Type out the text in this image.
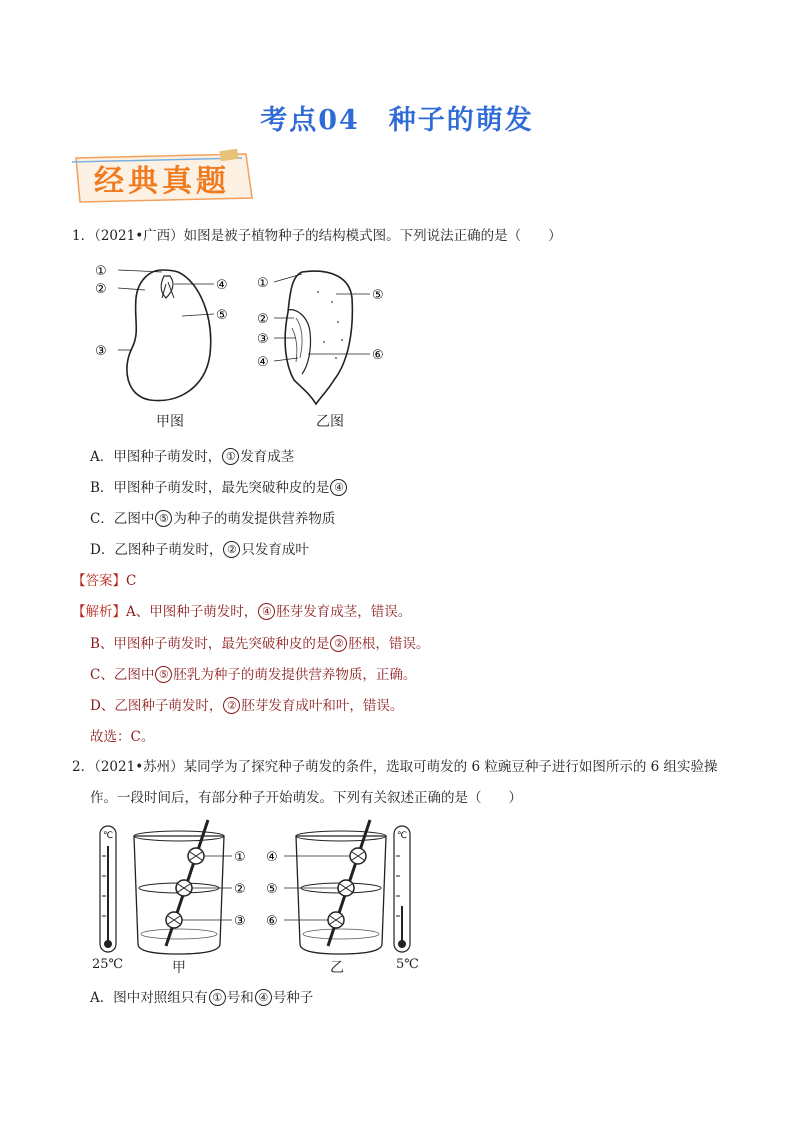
考点04　种子的萌发
经典真题
1．（2021•广西）如图是被子植物种子的结构模式图。下列说法正确的是（　　）
①
②
③
④
⑤
甲图
①
②
③
④
⑤
⑥
乙图
A．甲图种子萌发时， ① 发育成茎
B．甲图种子萌发时，最先突破种皮的是 ④
C．乙图中 ⑤ 为种子的萌发提供营养物质
D．乙图种子萌发时， ② 只发育成叶
【答案】C
【解析】A、甲图种子萌发时， ④ 胚芽发育成茎，错误。
B、甲图种子萌发时，最先突破种皮的是 ② 胚根，错误。
C、乙图中 ⑤ 胚乳为种子的萌发提供营养物质，正确。
D、乙图种子萌发时， ② 胚芽发育成叶和叶，错误。
故选：C。
2．（2021•苏州）某同学为了探究种子萌发的条件，选取可萌发的 6 粒豌豆种子进行如图所示的 6 组实验操
作。一段时间后，有部分种子开始萌发。下列有关叙述正确的是（　　）
℃
①
②
③
④
⑤
⑥
℃
25℃	甲	乙	5℃
A．图中对照组只有 ① 号和 ④ 号种子
